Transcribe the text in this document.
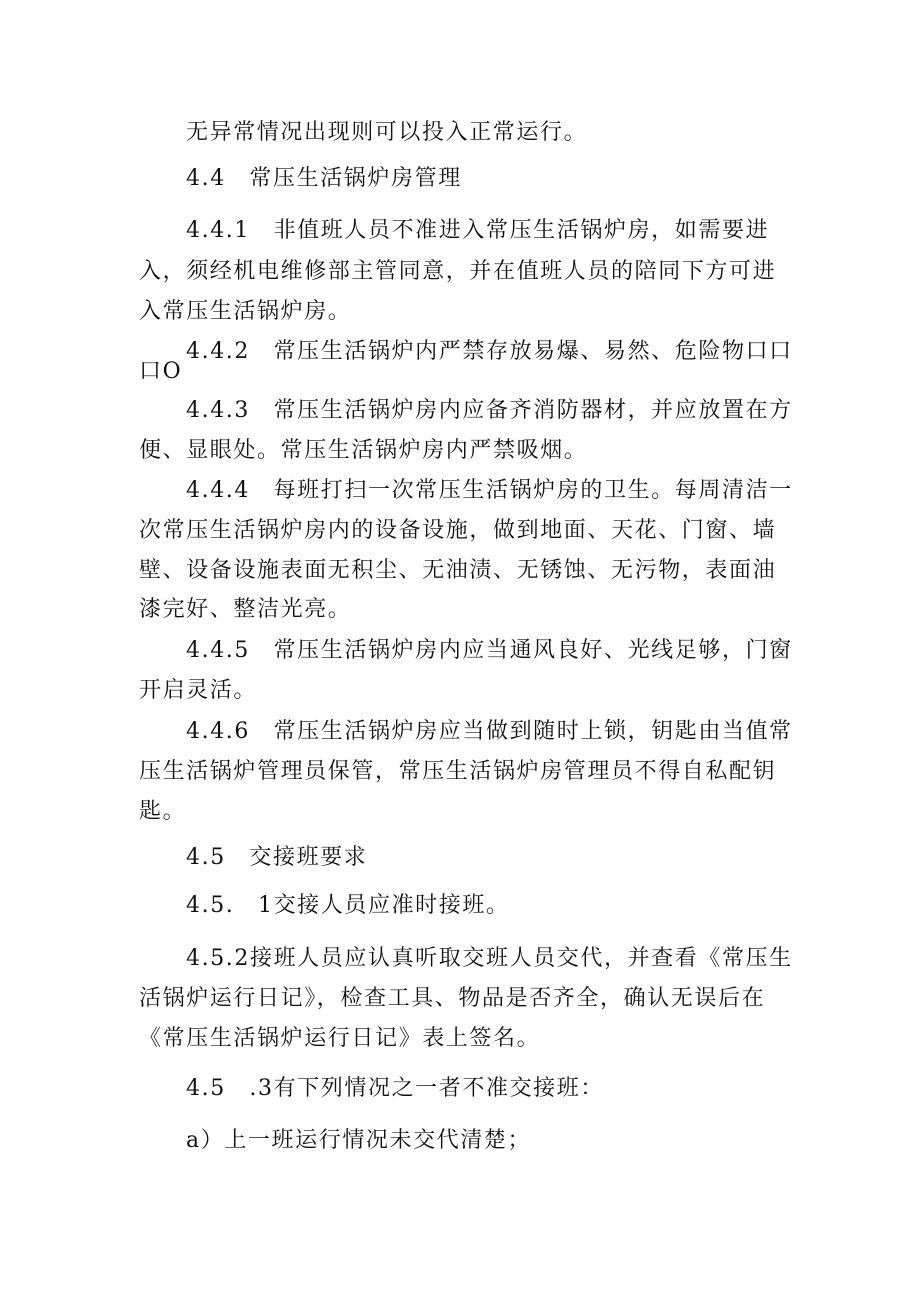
无异常情况出现则可以投入正常运行。
4.4　常压生活锅炉房管理
4.4.1　非值班人员不准进入常压生活锅炉房，如需要进
入，须经机电维修部主管同意，并在值班人员的陪同下方可进
入常压生活锅炉房。
4.4.2　常压生活锅炉内严禁存放易爆、易然、危险物口口
口O
4.4.3　常压生活锅炉房内应备齐消防器材，并应放置在方
便、显眼处。常压生活锅炉房内严禁吸烟。
4.4.4　每班打扫一次常压生活锅炉房的卫生。每周清洁一
次常压生活锅炉房内的设备设施，做到地面、天花、门窗、墙
壁、设备设施表面无积尘、无油渍、无锈蚀、无污物，表面油
漆完好、整洁光亮。
4.4.5　常压生活锅炉房内应当通风良好、光线足够，门窗
开启灵活。
4.4.6　常压生活锅炉房应当做到随时上锁，钥匙由当值常
压生活锅炉管理员保管，常压生活锅炉房管理员不得自私配钥
匙。
4.5　交接班要求
4.5.　1交接人员应准时接班。
4.5.2接班人员应认真听取交班人员交代，并查看《常压生
活锅炉运行日记》，检查工具、物品是否齐全，确认无误后在
《常压生活锅炉运行日记》表上签名。
4.5　.3有下列情况之一者不准交接班：
a）上一班运行情况未交代清楚；
